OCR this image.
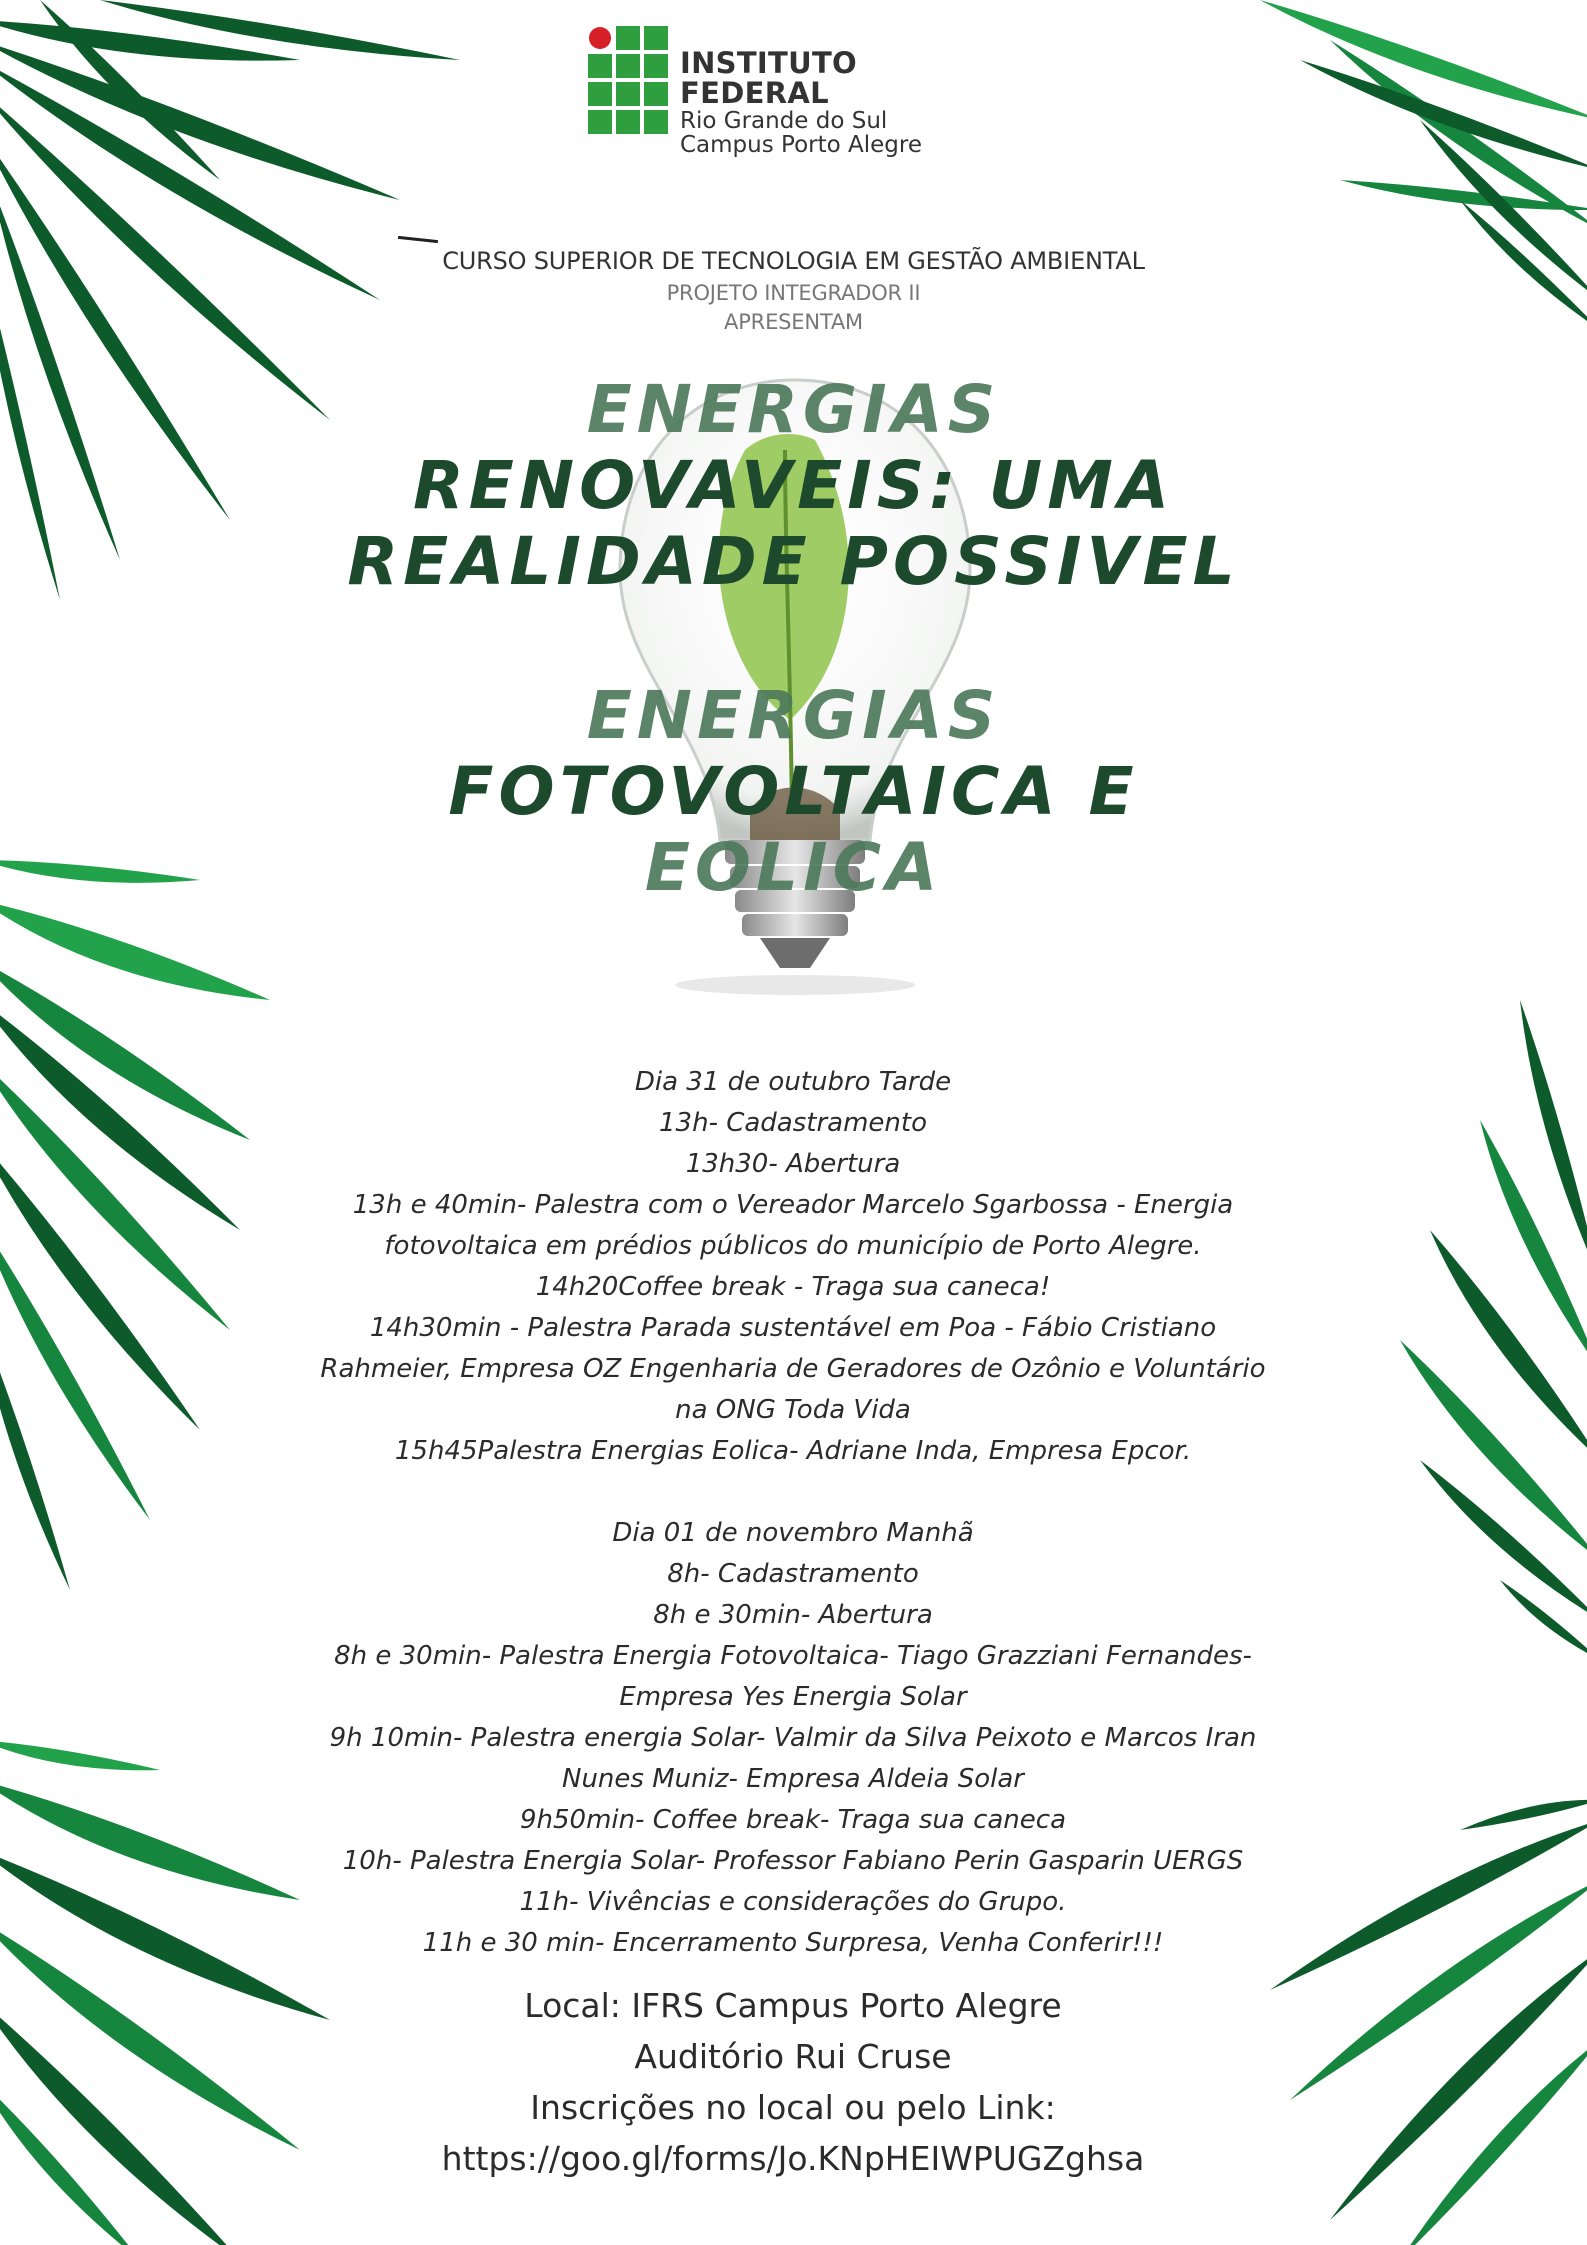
INSTITUTO FEDERAL
Rio Grande do Sul
Campus Porto Alegre
CURSO SUPERIOR DE TECNOLOGIA EM GESTÃO AMBIENTAL
PROJETO INTEGRADOR II
APRESENTAM
ENERGIAS
RENOVAVEIS: UMA
REALIDADE POSSIVEL
ENERGIAS
FOTOVOLTAICA E
EOLICA
Dia 31 de outubro Tarde
13h- Cadastramento
13h30- Abertura
13h e 40min- Palestra com o Vereador Marcelo Sgarbossa - Energia
fotovoltaica em prédios públicos do município de Porto Alegre.
14h20Coffee break - Traga sua caneca!
14h30min - Palestra Parada sustentável em Poa - Fábio Cristiano
Rahmeier, Empresa OZ Engenharia de Geradores de Ozônio e Voluntário
na ONG Toda Vida
15h45Palestra Energias Eolica- Adriane Inda, Empresa Epcor.
Dia 01 de novembro Manhã
8h- Cadastramento
8h e 30min- Abertura
8h e 30min- Palestra Energia Fotovoltaica- Tiago Grazziani Fernandes-
Empresa Yes Energia Solar
9h 10min- Palestra energia Solar- Valmir da Silva Peixoto e Marcos Iran
Nunes Muniz- Empresa Aldeia Solar
9h50min- Coffee break- Traga sua caneca
10h- Palestra Energia Solar- Professor Fabiano Perin Gasparin UERGS
11h- Vivências e considerações do Grupo.
11h e 30 min- Encerramento Surpresa, Venha Conferir!!!
Local: IFRS Campus Porto Alegre
Auditório Rui Cruse
Inscrições no local ou pelo Link:
https://goo.gl/forms/Jo.KNpHEIWPUGZghsa
